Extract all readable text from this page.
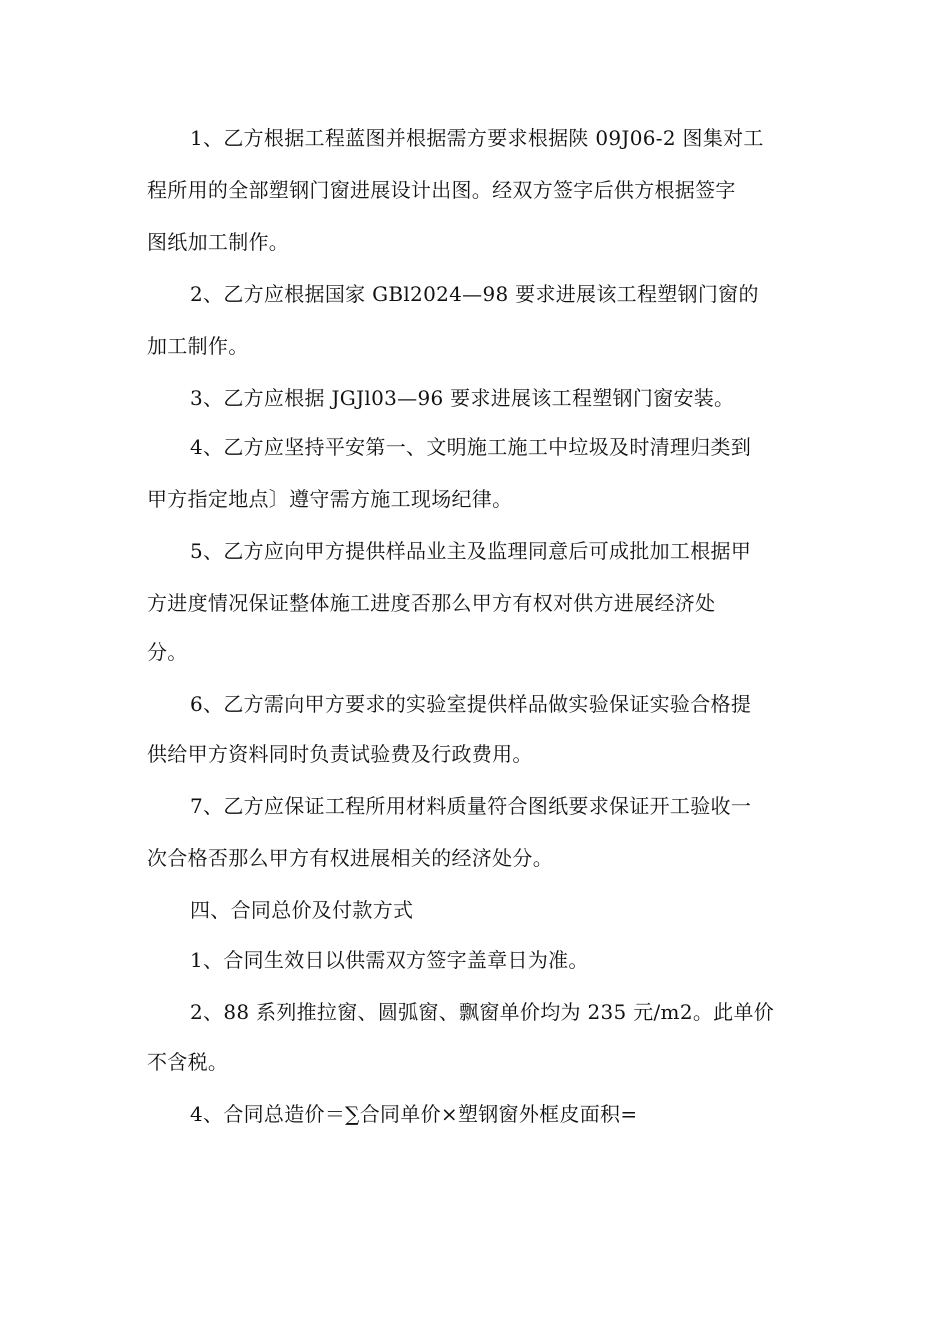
1、乙方根据工程蓝图并根据需方要求根据陕 09J06-2 图集对工
程所用的全部塑钢门窗进展设计出图。经双方签字后供方根据签字
图纸加工制作。
2、乙方应根据国家 GBl2024—98 要求进展该工程塑钢门窗的
加工制作。
3、乙方应根据 JGJl03—96 要求进展该工程塑钢门窗安装。
4、乙方应坚持平安第一、文明施工施工中垃圾及时清理归类到
甲方指定地点〕遵守需方施工现场纪律。
5、乙方应向甲方提供样品业主及监理同意后可成批加工根据甲
方进度情况保证整体施工进度否那么甲方有权对供方进展经济处
分。
6、乙方需向甲方要求的实验室提供样品做实验保证实验合格提
供给甲方资料同时负责试验费及行政费用。
7、乙方应保证工程所用材料质量符合图纸要求保证开工验收一
次合格否那么甲方有权进展相关的经济处分。
四、合同总价及付款方式
1、合同生效日以供需双方签字盖章日为准。
2、88 系列推拉窗、圆弧窗、飘窗单价均为 235 元/m2。此单价
不含税。
4、合同总造价＝∑合同单价×塑钢窗外框皮面积=
